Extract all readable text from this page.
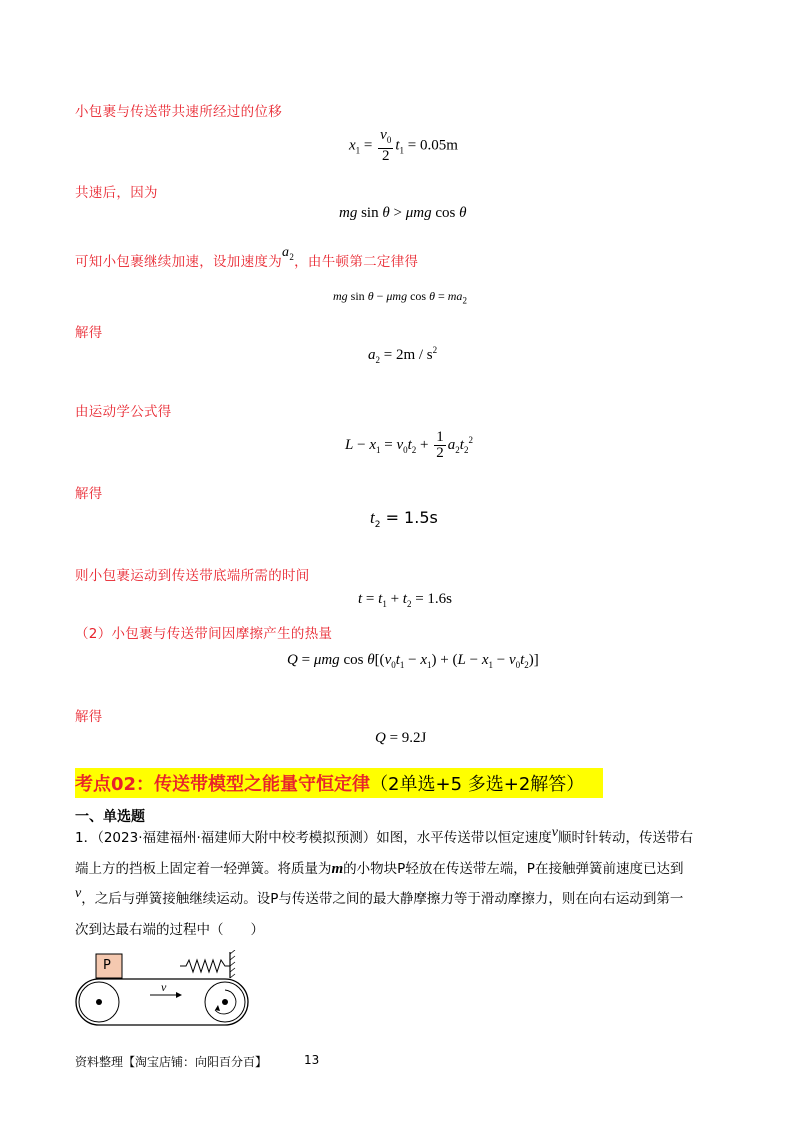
小包裹与传送带共速所经过的位移
$x_1 = \frac{v_0}{2} t_1 = 0.05m$
共速后，因为
mg sin θ > μmg cos θ
可知小包裹继续加速，设加速度为$a_2$，由牛顿第二定律得
mg sin θ − μmg $\cos \theta = ma_2$
解得
$a_2 = 2m / s^2$
由运动学公式得
$L - x_1 = v_0t_2 + \frac{1}{2} a_2t_2^2$
解得
$t_2 = 1.5s$
则小包裹运动到传送带底端所需的时间
$t = t_1 + t_2 = 1.6s$
（2）小包裹与传送带间因摩擦产生的热量
Q = μmg $\cos \theta[(v_0t_1 - x_1) + (L - x_1 - v_0t_2)]$
解得
Q = 9.2J
考点02：传送带模型之能量守恒定律（2单选+5 多选+2解答）
一、单选题
1．（2023·福建福州·福建师大附中校考模拟预测）如图，水平传送带以恒定速度v顺时针转动，传送带右
端上方的挡板上固定着一轻弹簧。将质量为m的小物块P轻放在传送带左端，P在接触弹簧前速度已达到
v，之后与弹簧接触继续运动。设P与传送带之间的最大静摩擦力等于滑动摩擦力，则在向右运动到第一
次到达最右端的过程中（　　）
P
v
资料整理【淘宝店铺：向阳百分百】	13
